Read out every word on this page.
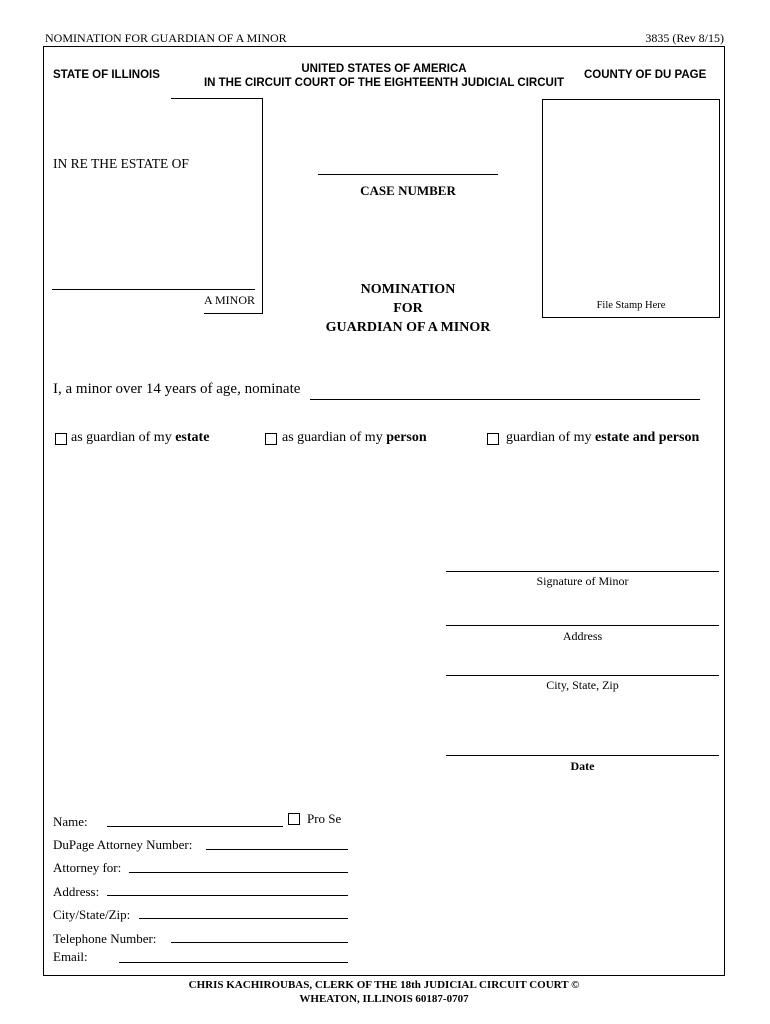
NOMINATION FOR GUARDIAN OF A MINOR	3835 (Rev 8/15)
STATE OF ILLINOIS	UNITED STATES OF AMERICA
IN THE CIRCUIT COURT OF THE EIGHTEENTH JUDICIAL CIRCUIT
COUNTY OF DU PAGE
IN RE THE ESTATE OF
A MINOR
CASE NUMBER
NOMINATION
FOR
GUARDIAN OF A MINOR
File Stamp Here
I, a minor over 14 years of age, nominate
as guardian of my estate	as guardian of my person	guardian of my estate and person
Signature of Minor
Address
City, State, Zip
Date
Name:	Pro Se
DuPage Attorney Number:
Attorney for:
Address:
City/State/Zip:
Telephone Number:
Email:
CHRIS KACHIROUBAS, CLERK OF THE 18th JUDICIAL CIRCUIT COURT ©
WHEATON, ILLINOIS 60187-0707
